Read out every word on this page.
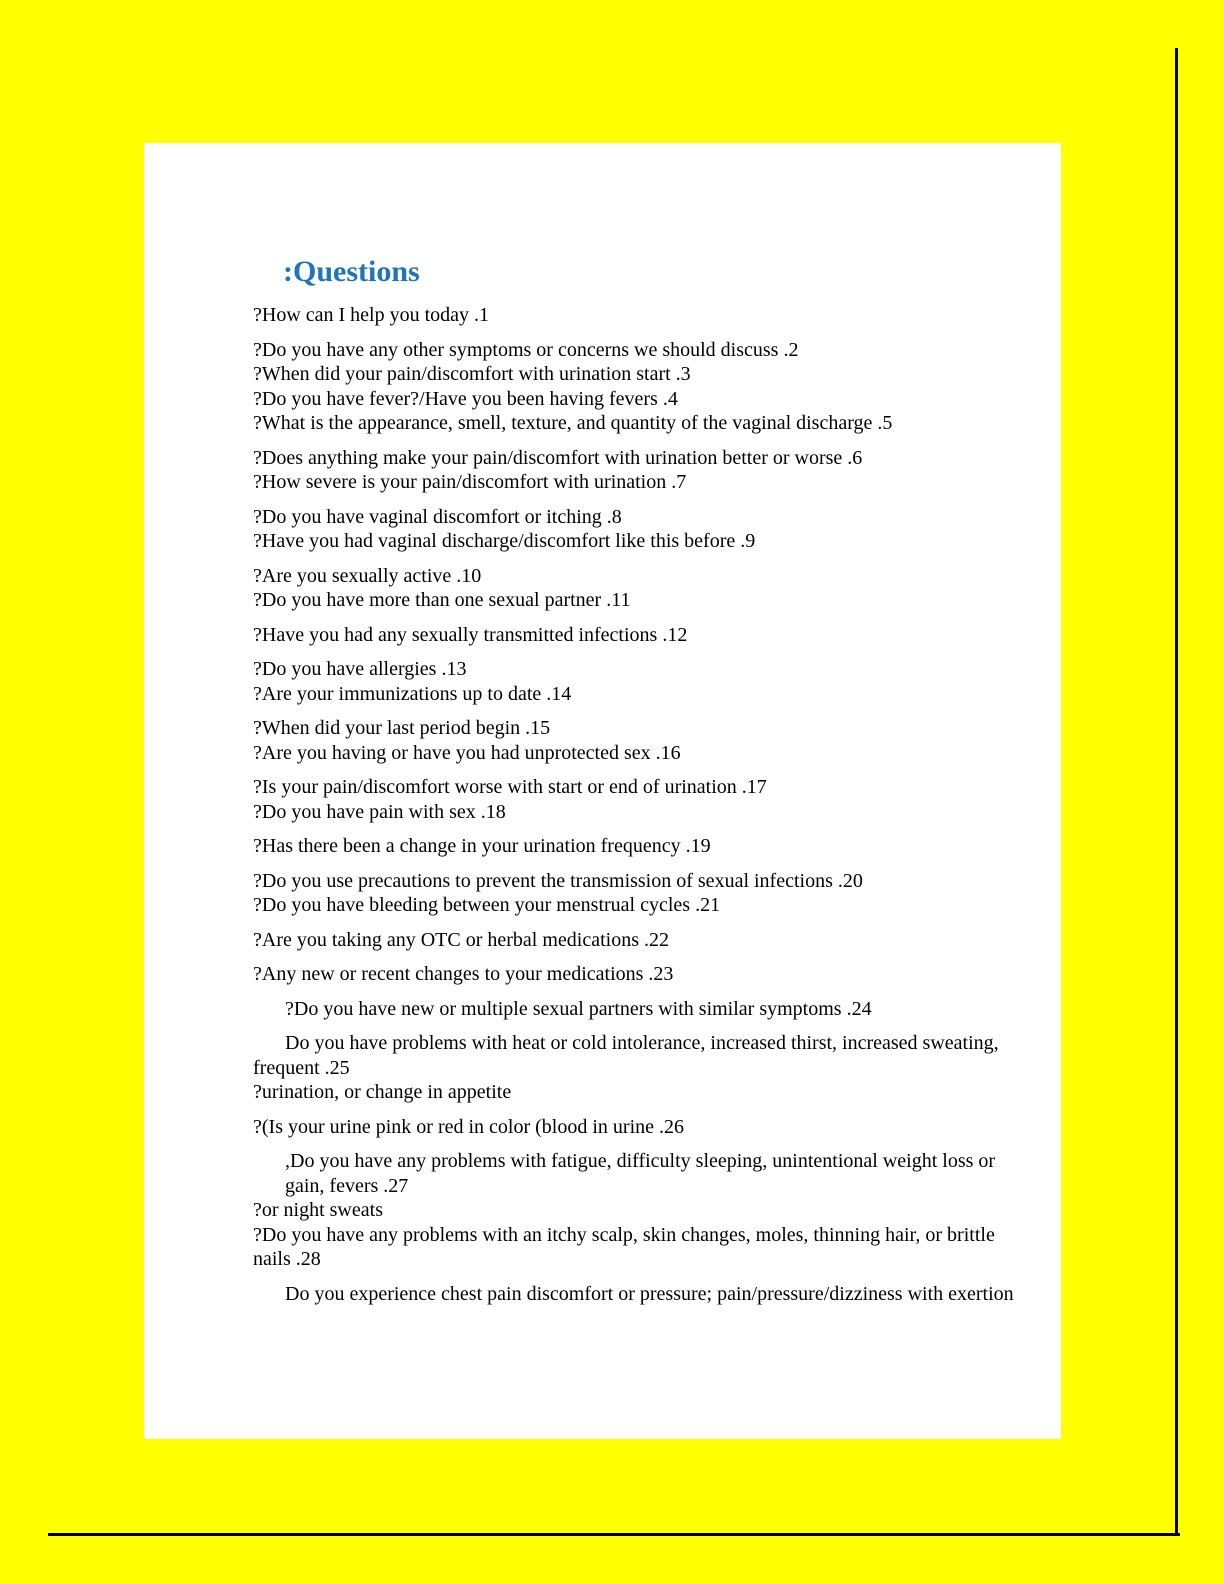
:Questions
?How can I help you today .1
?Do you have any other symptoms or concerns we should discuss .2
?When did your pain/discomfort with urination start .3
?Do you have fever?/Have you been having fevers .4
?What is the appearance, smell, texture, and quantity of the vaginal discharge .5
?Does anything make your pain/discomfort with urination better or worse .6
?How severe is your pain/discomfort with urination .7
?Do you have vaginal discomfort or itching .8
?Have you had vaginal discharge/discomfort like this before .9
?Are you sexually active .10
?Do you have more than one sexual partner .11
?Have you had any sexually transmitted infections .12
?Do you have allergies .13
?Are your immunizations up to date .14
?When did your last period begin .15
?Are you having or have you had unprotected sex .16
?Is your pain/discomfort worse with start or end of urination .17
?Do you have pain with sex .18
?Has there been a change in your urination frequency .19
?Do you use precautions to prevent the transmission of sexual infections .20
?Do you have bleeding between your menstrual cycles .21
?Are you taking any OTC or herbal medications .22
?Any new or recent changes to your medications .23
?Do you have new or multiple sexual partners with similar symptoms .24
Do you have problems with heat or cold intolerance, increased thirst, increased sweating,
frequent .25
?urination, or change in appetite
?(Is your urine pink or red in color (blood in urine .26
,Do you have any problems with fatigue, difficulty sleeping, unintentional weight loss or
gain, fevers .27
?or night sweats
?Do you have any problems with an itchy scalp, skin changes, moles, thinning hair, or brittle
nails .28
Do you experience chest pain discomfort or pressure; pain/pressure/dizziness with exertion
